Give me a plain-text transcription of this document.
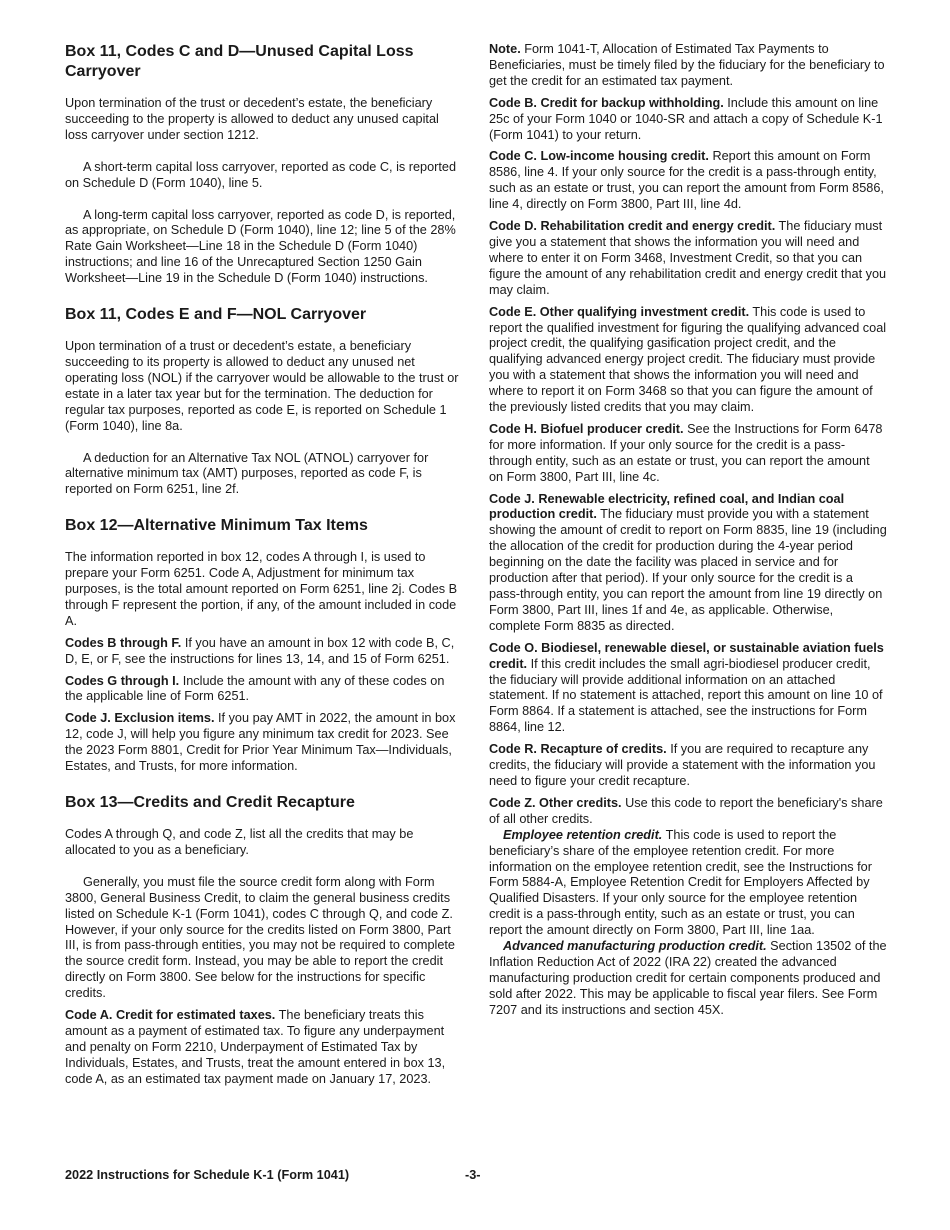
Box 11, Codes C and D—Unused Capital Loss Carryover

Upon termination of the trust or decedent’s estate, the beneficiary succeeding to the property is allowed to deduct any unused capital loss carryover under section 1212.

A short-term capital loss carryover, reported as code C, is reported on Schedule D (Form 1040), line 5.

A long-term capital loss carryover, reported as code D, is reported, as appropriate, on Schedule D (Form 1040), line 12; line 5 of the 28% Rate Gain Worksheet—Line 18 in the Schedule D (Form 1040) instructions; and line 16 of the Unrecaptured Section 1250 Gain Worksheet—Line 19 in the Schedule D (Form 1040) instructions.

Box 11, Codes E and F—NOL Carryover

Upon termination of a trust or decedent’s estate, a beneficiary succeeding to its property is allowed to deduct any unused net operating loss (NOL) if the carryover would be allowable to the trust or estate in a later tax year but for the termination. The deduction for regular tax purposes, reported as code E, is reported on Schedule 1 (Form 1040), line 8a.

A deduction for an Alternative Tax NOL (ATNOL) carryover for alternative minimum tax (AMT) purposes, reported as code F, is reported on Form 6251, line 2f.

Box 12—Alternative Minimum Tax Items

The information reported in box 12, codes A through I, is used to prepare your Form 6251. Code A, Adjustment for minimum tax purposes, is the total amount reported on Form 6251, line 2j. Codes B through F represent the portion, if any, of the amount included in code A.

Codes B through F. If you have an amount in box 12 with code B, C, D, E, or F, see the instructions for lines 13, 14, and 15 of Form 6251.

Codes G through I. Include the amount with any of these codes on the applicable line of Form 6251.

Code J. Exclusion items. If you pay AMT in 2022, the amount in box 12, code J, will help you figure any minimum tax credit for 2023. See the 2023 Form 8801, Credit for Prior Year Minimum Tax—Individuals, Estates, and Trusts, for more information.

Box 13—Credits and Credit Recapture

Codes A through Q, and code Z, list all the credits that may be allocated to you as a beneficiary.

Generally, you must file the source credit form along with Form 3800, General Business Credit, to claim the general business credits listed on Schedule K-1 (Form 1041), codes C through Q, and code Z. However, if your only source for the credits listed on Form 3800, Part III, is from pass-through entities, you may not be required to complete the source credit form. Instead, you may be able to report the credit directly on Form 3800. See below for the instructions for specific credits.

Code A. Credit for estimated taxes. The beneficiary treats this amount as a payment of estimated tax. To figure any underpayment and penalty on Form 2210, Underpayment of Estimated Tax by Individuals, Estates, and Trusts, treat the amount entered in box 13, code A, as an estimated tax payment made on January 17, 2023.

Note. Form 1041-T, Allocation of Estimated Tax Payments to Beneficiaries, must be timely filed by the fiduciary for the beneficiary to get the credit for an estimated tax payment.

Code B. Credit for backup withholding. Include this amount on line 25c of your Form 1040 or 1040-SR and attach a copy of Schedule K-1 (Form 1041) to your return.

Code C. Low-income housing credit. Report this amount on Form 8586, line 4. If your only source for the credit is a pass-through entity, such as an estate or trust, you can report the amount from Form 8586, line 4, directly on Form 3800, Part III, line 4d.

Code D. Rehabilitation credit and energy credit. The fiduciary must give you a statement that shows the information you will need and where to enter it on Form 3468, Investment Credit, so that you can figure the amount of any rehabilitation credit and energy credit that you may claim.

Code E. Other qualifying investment credit. This code is used to report the qualified investment for figuring the qualifying advanced coal project credit, the qualifying gasification project credit, and the qualifying advanced energy project credit. The fiduciary must provide you with a statement that shows the information you will need and where to report it on Form 3468 so that you can figure the amount of the previously listed credits that you may claim.

Code H. Biofuel producer credit. See the Instructions for Form 6478 for more information. If your only source for the credit is a pass-through entity, such as an estate or trust, you can report the amount on Form 3800, Part III, line 4c.

Code J. Renewable electricity, refined coal, and Indian coal production credit. The fiduciary must provide you with a statement showing the amount of credit to report on Form 8835, line 19 (including the allocation of the credit for production during the 4-year period beginning on the date the facility was placed in service and for production after that period). If your only source for the credit is a pass-through entity, you can report the amount from line 19 directly on Form 3800, Part III, lines 1f and 4e, as applicable. Otherwise, complete Form 8835 as directed.

Code O. Biodiesel, renewable diesel, or sustainable aviation fuels credit. If this credit includes the small agri-biodiesel producer credit, the fiduciary will provide additional information on an attached statement. If no statement is attached, report this amount on line 10 of Form 8864. If a statement is attached, see the instructions for Form 8864, line 12.

Code R. Recapture of credits. If you are required to recapture any credits, the fiduciary will provide a statement with the information you need to figure your credit recapture.

Code Z. Other credits. Use this code to report the beneficiary's share of all other credits.

Employee retention credit. This code is used to report the beneficiary’s share of the employee retention credit. For more information on the employee retention credit, see the Instructions for Form 5884-A, Employee Retention Credit for Employers Affected by Qualified Disasters. If your only source for the employee retention credit is a pass-through entity, such as an estate or trust, you can report the amount directly on Form 3800, Part III, line 1aa.

Advanced manufacturing production credit. Section 13502 of the Inflation Reduction Act of 2022 (IRA 22) created the advanced manufacturing production credit for certain components produced and sold after 2022. This may be applicable to fiscal year filers. See Form 7207 and its instructions and section 45X.

2022 Instructions for Schedule K-1 (Form 1041)	-3-
